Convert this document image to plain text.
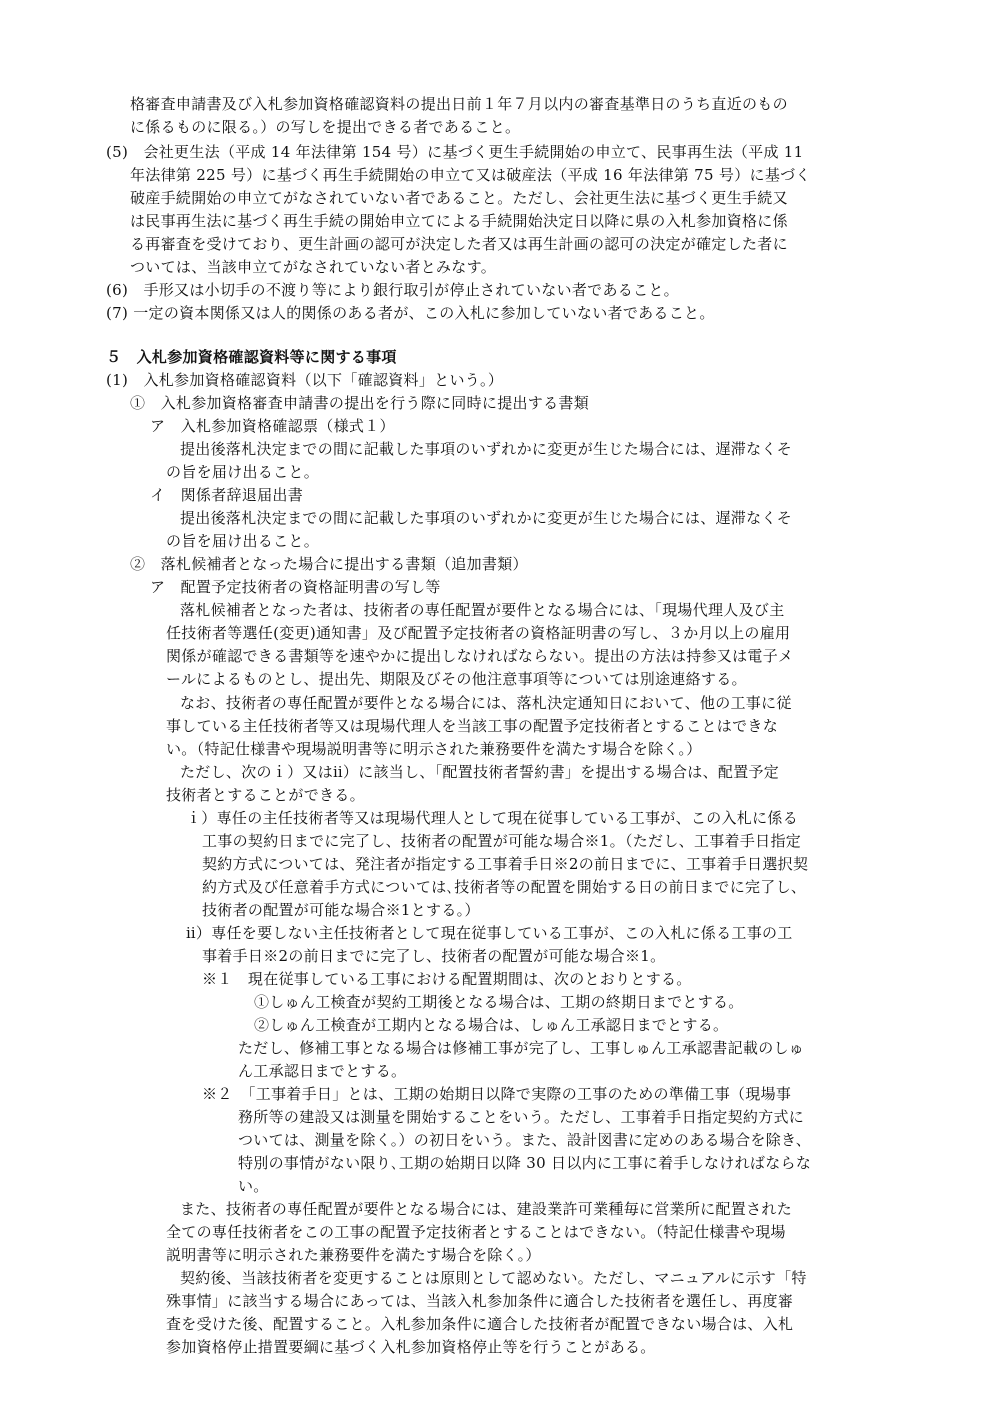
格審査申請書及び入札参加資格確認資料の提出日前１年７月以内の審査基準日のうち直近のもの
に係るものに限る。）の写しを提出できる者であること。
(5)　会社更生法（平成 14 年法律第 154 号）に基づく更生手続開始の申立て、民事再生法（平成 11
年法律第 225 号）に基づく再生手続開始の申立て又は破産法（平成 16 年法律第 75 号）に基づく
破産手続開始の申立てがなされていない者であること。ただし、会社更生法に基づく更生手続又
は民事再生法に基づく再生手続の開始申立てによる手続開始決定日以降に県の入札参加資格に係
る再審査を受けており、更生計画の認可が決定した者又は再生計画の認可の決定が確定した者に
ついては、当該申立てがなされていない者とみなす。
(6)　手形又は小切手の不渡り等により銀行取引が停止されていない者であること。
(7) 一定の資本関係又は人的関係のある者が、この入札に参加していない者であること。
５　入札参加資格確認資料等に関する事項
(1)　入札参加資格確認資料（以下「確認資料」という。）
①　入札参加資格審査申請書の提出を行う際に同時に提出する書類
ア　入札参加資格確認票（様式１）
提出後落札決定までの間に記載した事項のいずれかに変更が生じた場合には、遅滞なくそ
の旨を届け出ること。
イ　関係者辞退届出書
提出後落札決定までの間に記載した事項のいずれかに変更が生じた場合には、遅滞なくそ
の旨を届け出ること。
②　落札候補者となった場合に提出する書類（追加書類）
ア　配置予定技術者の資格証明書の写し等
落札候補者となった者は、技術者の専任配置が要件となる場合には、「現場代理人及び主
任技術者等選任(変更)通知書」及び配置予定技術者の資格証明書の写し、３か月以上の雇用
関係が確認できる書類等を速やかに提出しなければならない。提出の方法は持参又は電子メ
ールによるものとし、提出先、期限及びその他注意事項等については別途連絡する。
なお、技術者の専任配置が要件となる場合には、落札決定通知日において、他の工事に従
事している主任技術者等又は現場代理人を当該工事の配置予定技術者とすることはできな
い。（特記仕様書や現場説明書等に明示された兼務要件を満たす場合を除く。）
ただし、次のｉ）又はⅱ）に該当し、「配置技術者誓約書」を提出する場合は、配置予定
技術者とすることができる。
ｉ）専任の主任技術者等又は現場代理人として現在従事している工事が、この入札に係る
工事の契約日までに完了し、技術者の配置が可能な場合※1。（ただし、工事着手日指定
契約方式については、発注者が指定する工事着手日※2の前日までに、工事着手日選択契
約方式及び任意着手方式については､技術者等の配置を開始する日の前日までに完了し、
技術者の配置が可能な場合※1とする。）
ⅱ）専任を要しない主任技術者として現在従事している工事が、この入札に係る工事の工
事着手日※2の前日までに完了し、技術者の配置が可能な場合※1。
※１　現在従事している工事における配置期間は、次のとおりとする。
①しゅん工検査が契約工期後となる場合は、工期の終期日までとする。
②しゅん工検査が工期内となる場合は、しゅん工承認日までとする。
ただし、修補工事となる場合は修補工事が完了し、工事しゅん工承認書記載のしゅ
ん工承認日までとする。
※２　「工事着手日」とは、工期の始期日以降で実際の工事のための準備工事（現場事
務所等の建設又は測量を開始することをいう。ただし、工事着手日指定契約方式に
ついては、測量を除く。）の初日をいう。また、設計図書に定めのある場合を除き、
特別の事情がない限り､工期の始期日以降 30 日以内に工事に着手しなければならな
い。
また、技術者の専任配置が要件となる場合には、建設業許可業種毎に営業所に配置された
全ての専任技術者をこの工事の配置予定技術者とすることはできない。（特記仕様書や現場
説明書等に明示された兼務要件を満たす場合を除く。）
契約後、当該技術者を変更することは原則として認めない。ただし、マニュアルに示す「特
殊事情」に該当する場合にあっては、当該入札参加条件に適合した技術者を選任し、再度審
査を受けた後、配置すること。入札参加条件に適合した技術者が配置できない場合は、入札
参加資格停止措置要綱に基づく入札参加資格停止等を行うことがある。
